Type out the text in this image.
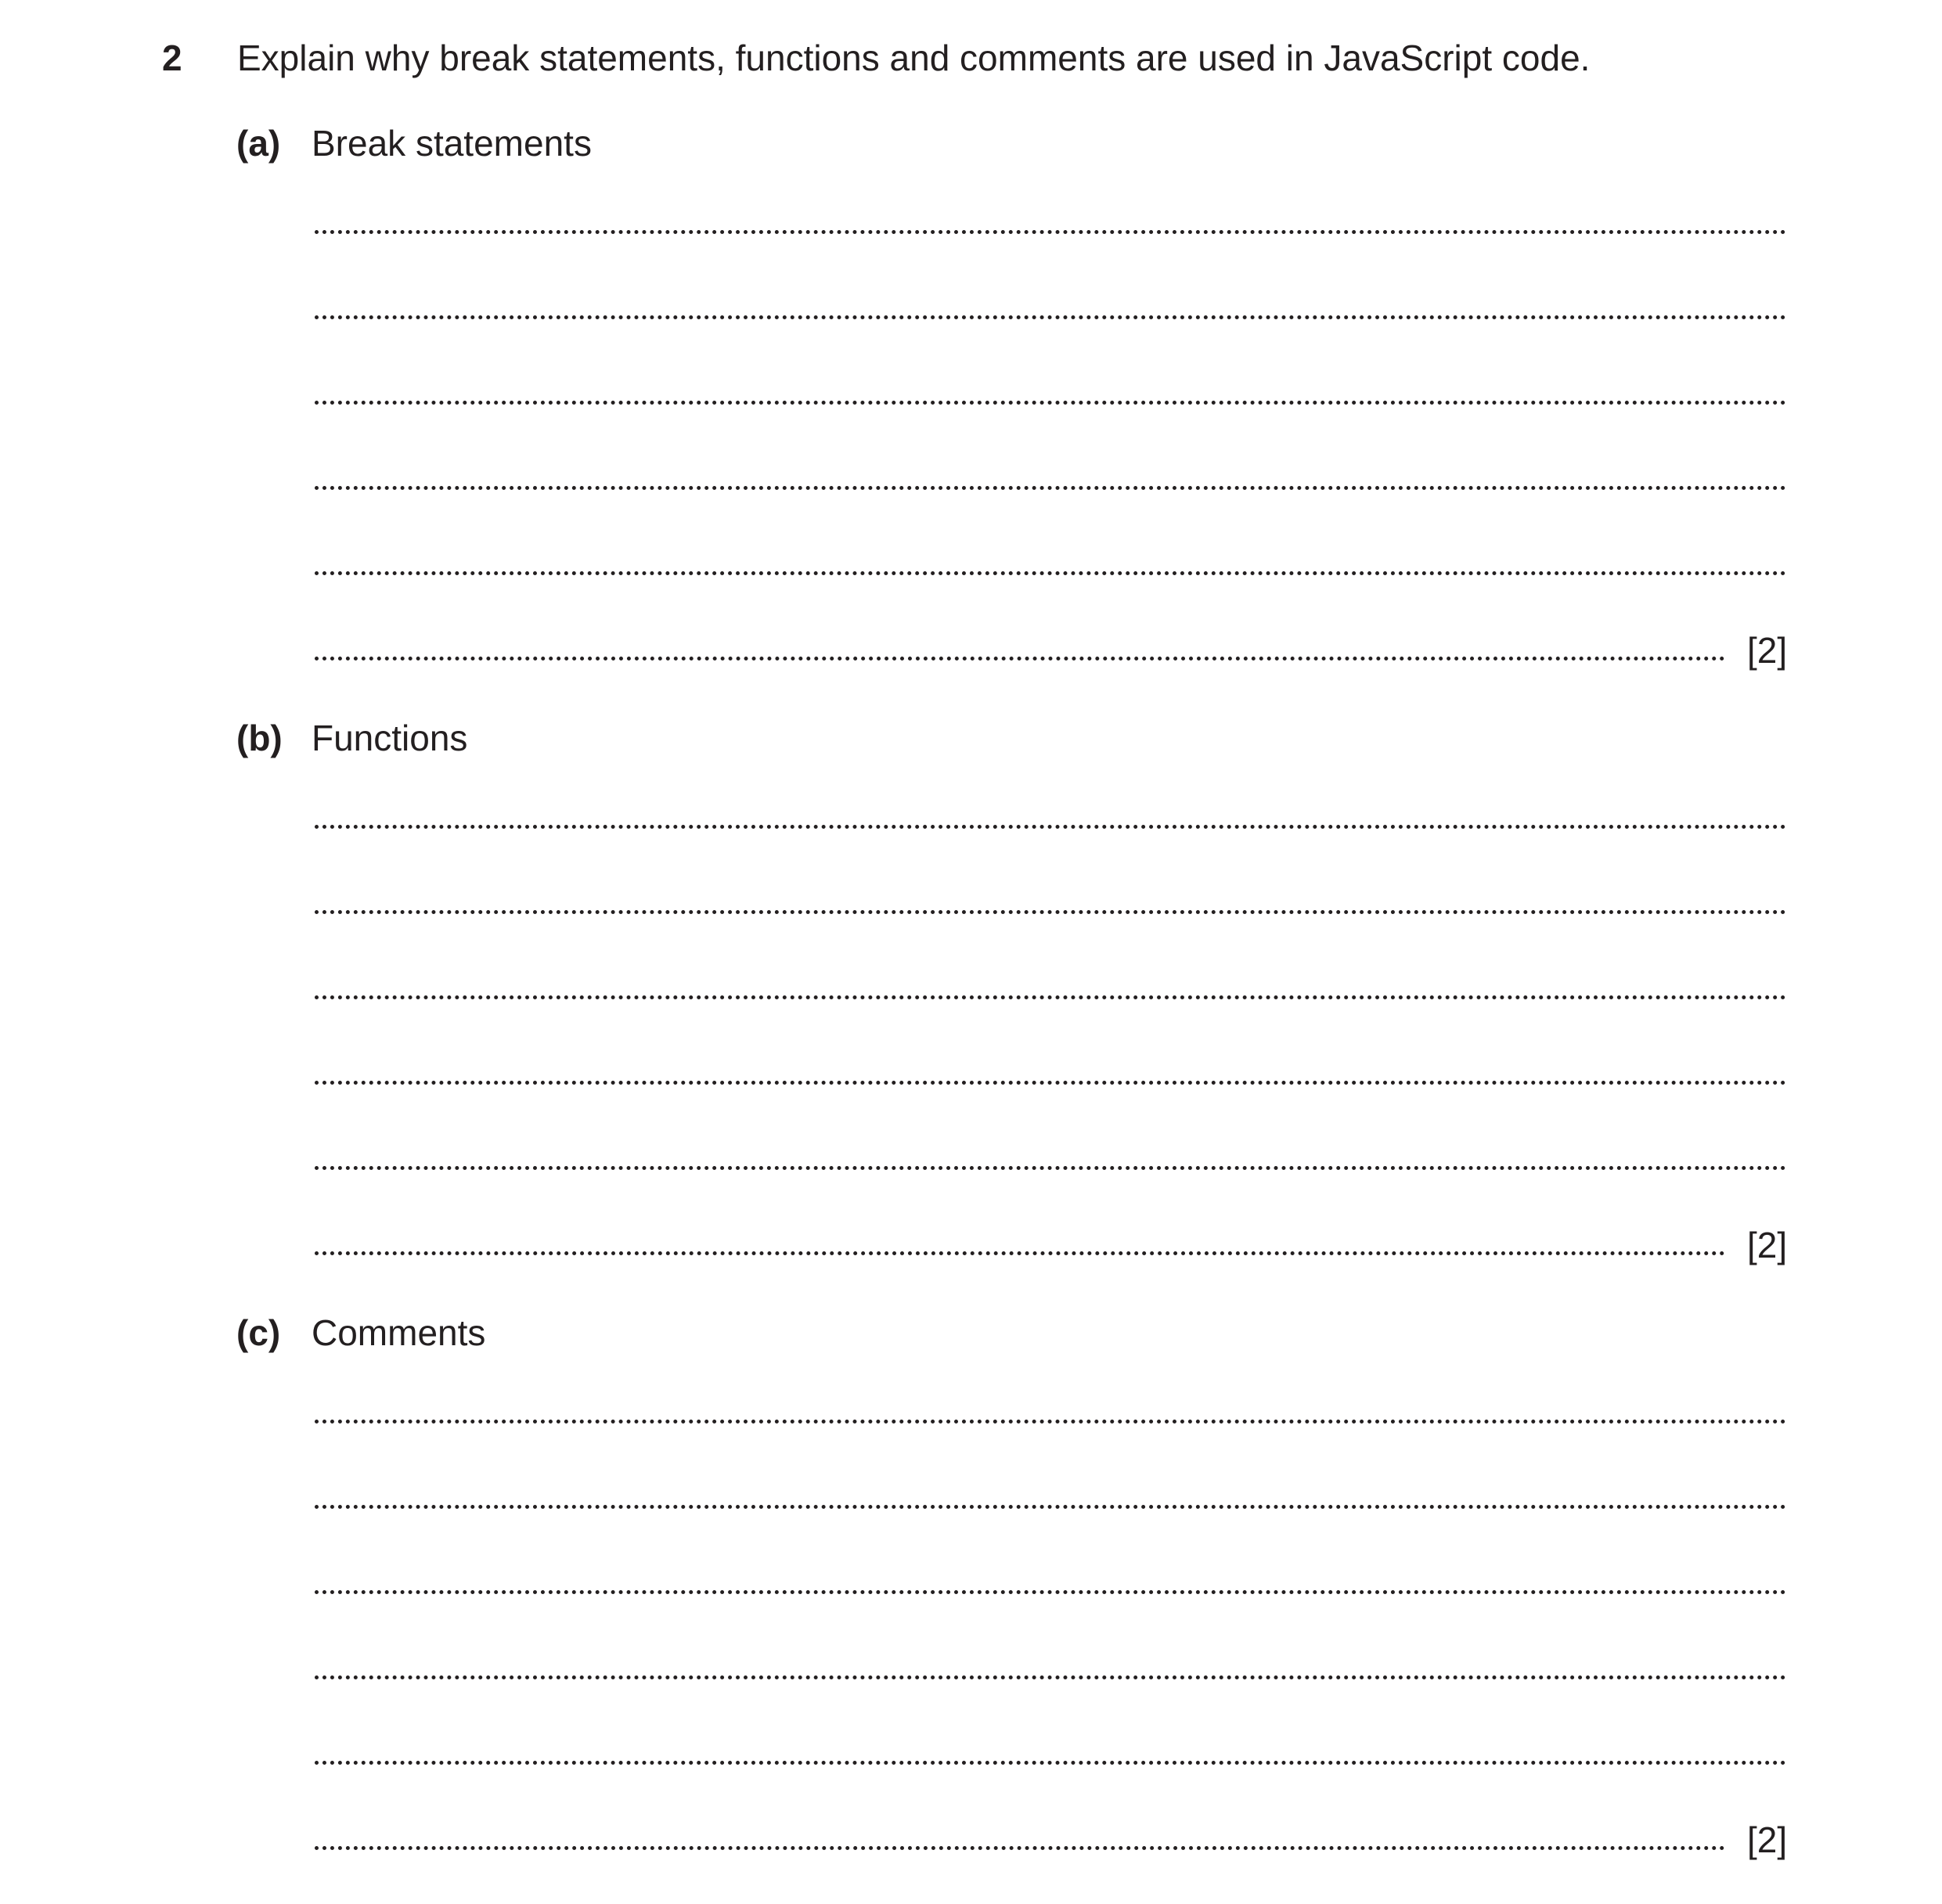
2 Explain why break statements, functions and comments are used in JavaScript code.
(a) Break statements
[2]
(b) Functions
[2]
(c) Comments
[2]
